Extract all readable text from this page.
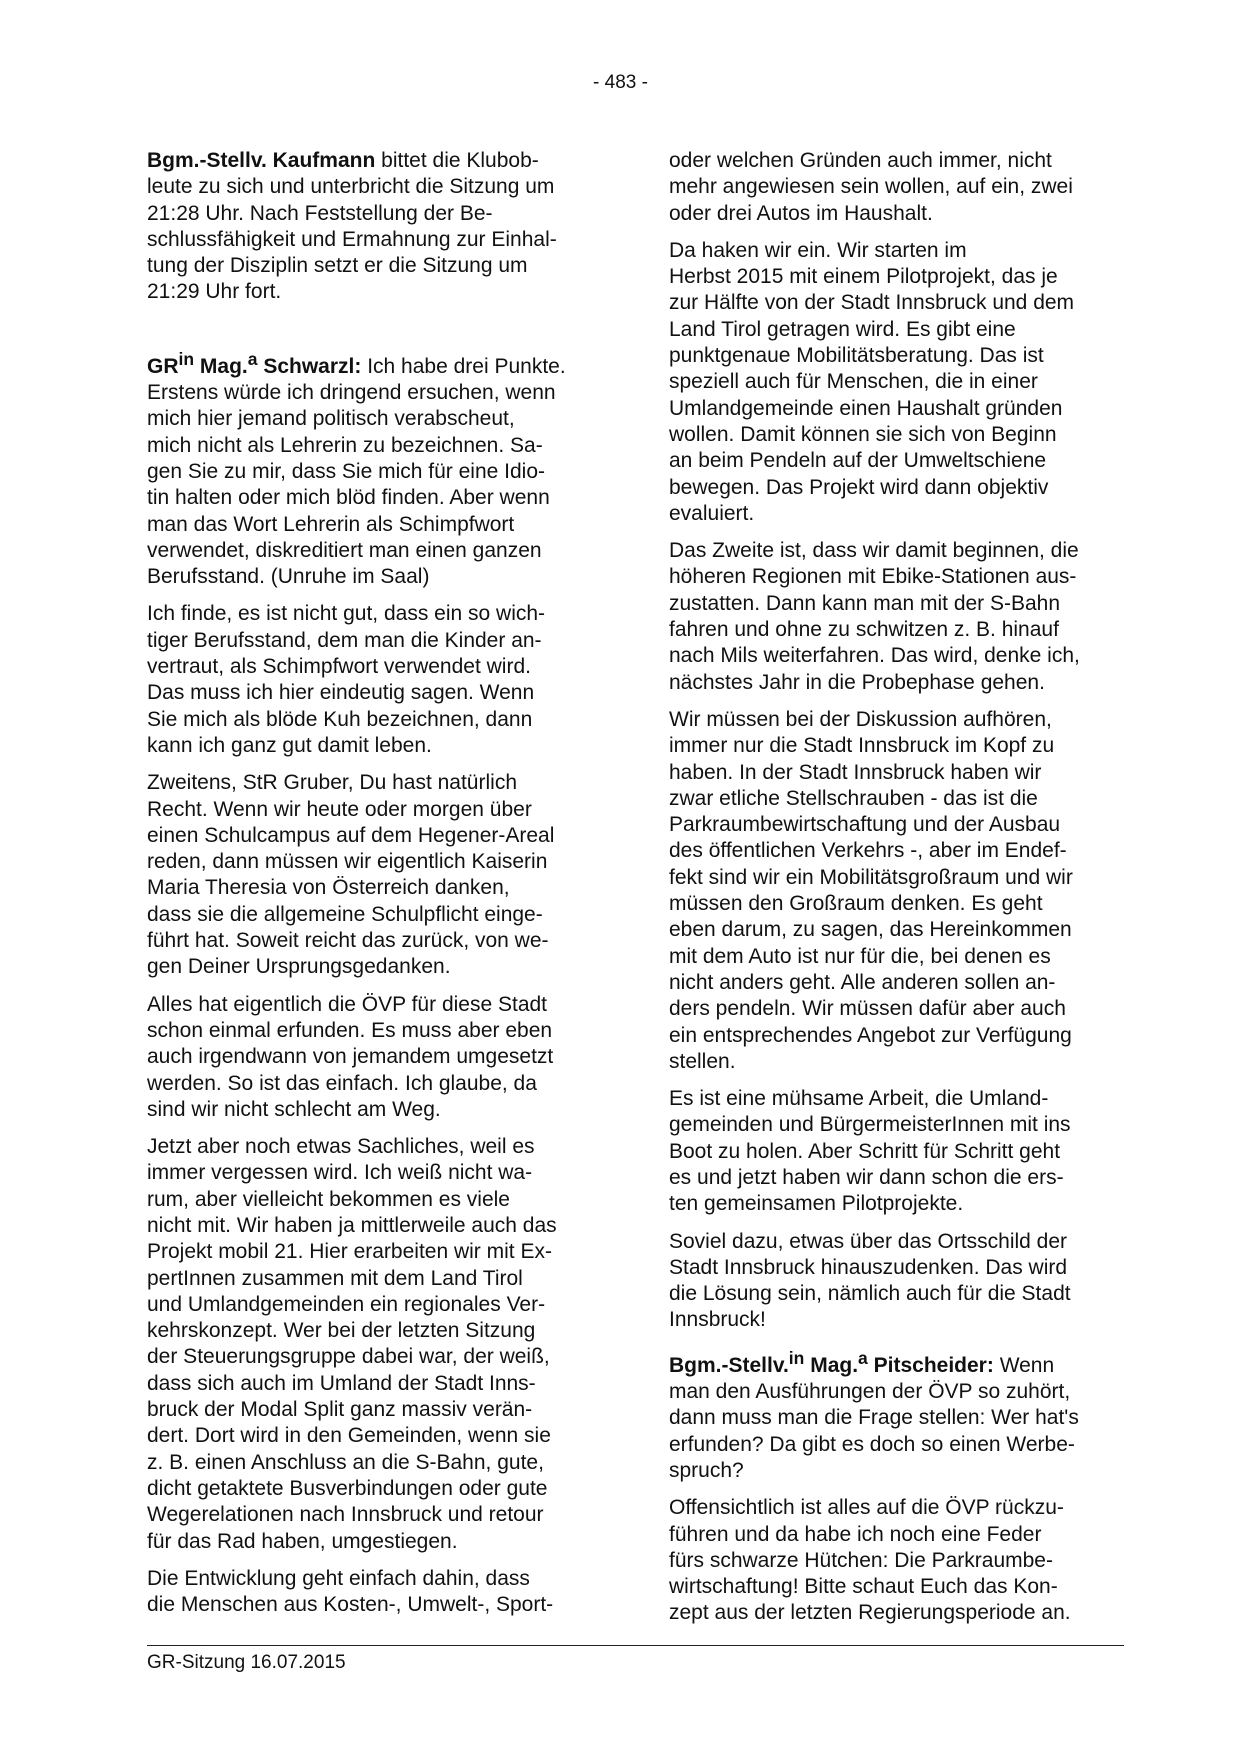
- 483 -

Bgm.-Stellv. Kaufmann bittet die Klubob-
leute zu sich und unterbricht die Sitzung um
21:28 Uhr. Nach Feststellung der Be-
schlussfähigkeit und Ermahnung zur Einhal-
tung der Disziplin setzt er die Sitzung um
21:29 Uhr fort.

$GR^{in}$ Mag.$^a$ Schwarzl: Ich habe drei Punkte.
Erstens würde ich dringend ersuchen, wenn
mich hier jemand politisch verabscheut,
mich nicht als Lehrerin zu bezeichnen. Sa-
gen Sie zu mir, dass Sie mich für eine Idio-
tin halten oder mich blöd finden. Aber wenn
man das Wort Lehrerin als Schimpfwort
verwendet, diskreditiert man einen ganzen
Berufsstand. (Unruhe im Saal)

Ich finde, es ist nicht gut, dass ein so wich-
tiger Berufsstand, dem man die Kinder an-
vertraut, als Schimpfwort verwendet wird.
Das muss ich hier eindeutig sagen. Wenn
Sie mich als blöde Kuh bezeichnen, dann
kann ich ganz gut damit leben.

Zweitens, StR Gruber, Du hast natürlich
Recht. Wenn wir heute oder morgen über
einen Schulcampus auf dem Hegener-Areal
reden, dann müssen wir eigentlich Kaiserin
Maria Theresia von Österreich danken,
dass sie die allgemeine Schulpflicht einge-
führt hat. Soweit reicht das zurück, von we-
gen Deiner Ursprungsgedanken.

Alles hat eigentlich die ÖVP für diese Stadt
schon einmal erfunden. Es muss aber eben
auch irgendwann von jemandem umgesetzt
werden. So ist das einfach. Ich glaube, da
sind wir nicht schlecht am Weg.

Jetzt aber noch etwas Sachliches, weil es
immer vergessen wird. Ich weiß nicht wa-
rum, aber vielleicht bekommen es viele
nicht mit. Wir haben ja mittlerweile auch das
Projekt mobil 21. Hier erarbeiten wir mit Ex-
pertInnen zusammen mit dem Land Tirol
und Umlandgemeinden ein regionales Ver-
kehrskonzept. Wer bei der letzten Sitzung
der Steuerungsgruppe dabei war, der weiß,
dass sich auch im Umland der Stadt Inns-
bruck der Modal Split ganz massiv verän-
dert. Dort wird in den Gemeinden, wenn sie
z. B. einen Anschluss an die S-Bahn, gute,
dicht getaktete Busverbindungen oder gute
Wegerelationen nach Innsbruck und retour
für das Rad haben, umgestiegen.

Die Entwicklung geht einfach dahin, dass
die Menschen aus Kosten-, Umwelt-, Sport-

oder welchen Gründen auch immer, nicht
mehr angewiesen sein wollen, auf ein, zwei
oder drei Autos im Haushalt.

Da haken wir ein. Wir starten im
Herbst 2015 mit einem Pilotprojekt, das je
zur Hälfte von der Stadt Innsbruck und dem
Land Tirol getragen wird. Es gibt eine
punktgenaue Mobilitätsberatung. Das ist
speziell auch für Menschen, die in einer
Umlandgemeinde einen Haushalt gründen
wollen. Damit können sie sich von Beginn
an beim Pendeln auf der Umweltschiene
bewegen. Das Projekt wird dann objektiv
evaluiert.

Das Zweite ist, dass wir damit beginnen, die
höheren Regionen mit Ebike-Stationen aus-
zustatten. Dann kann man mit der S-Bahn
fahren und ohne zu schwitzen z. B. hinauf
nach Mils weiterfahren. Das wird, denke ich,
nächstes Jahr in die Probephase gehen.

Wir müssen bei der Diskussion aufhören,
immer nur die Stadt Innsbruck im Kopf zu
haben. In der Stadt Innsbruck haben wir
zwar etliche Stellschrauben - das ist die
Parkraumbewirtschaftung und der Ausbau
des öffentlichen Verkehrs -, aber im Endef-
fekt sind wir ein Mobilitätsgroßraum und wir
müssen den Großraum denken. Es geht
eben darum, zu sagen, das Hereinkommen
mit dem Auto ist nur für die, bei denen es
nicht anders geht. Alle anderen sollen an-
ders pendeln. Wir müssen dafür aber auch
ein entsprechendes Angebot zur Verfügung
stellen.

Es ist eine mühsame Arbeit, die Umland-
gemeinden und BürgermeisterInnen mit ins
Boot zu holen. Aber Schritt für Schritt geht
es und jetzt haben wir dann schon die ers-
ten gemeinsamen Pilotprojekte.

Soviel dazu, etwas über das Ortsschild der
Stadt Innsbruck hinauszudenken. Das wird
die Lösung sein, nämlich auch für die Stadt
Innsbruck!

Bgm.-Stellv.$^{in}$ Mag.$^a$ Pitscheider: Wenn
man den Ausführungen der ÖVP so zuhört,
dann muss man die Frage stellen: Wer hat's
erfunden? Da gibt es doch so einen Werbe-
spruch?

Offensichtlich ist alles auf die ÖVP rückzu-
führen und da habe ich noch eine Feder
fürs schwarze Hütchen: Die Parkraumbe-
wirtschaftung! Bitte schaut Euch das Kon-
zept aus der letzten Regierungsperiode an.

GR-Sitzung 16.07.2015
